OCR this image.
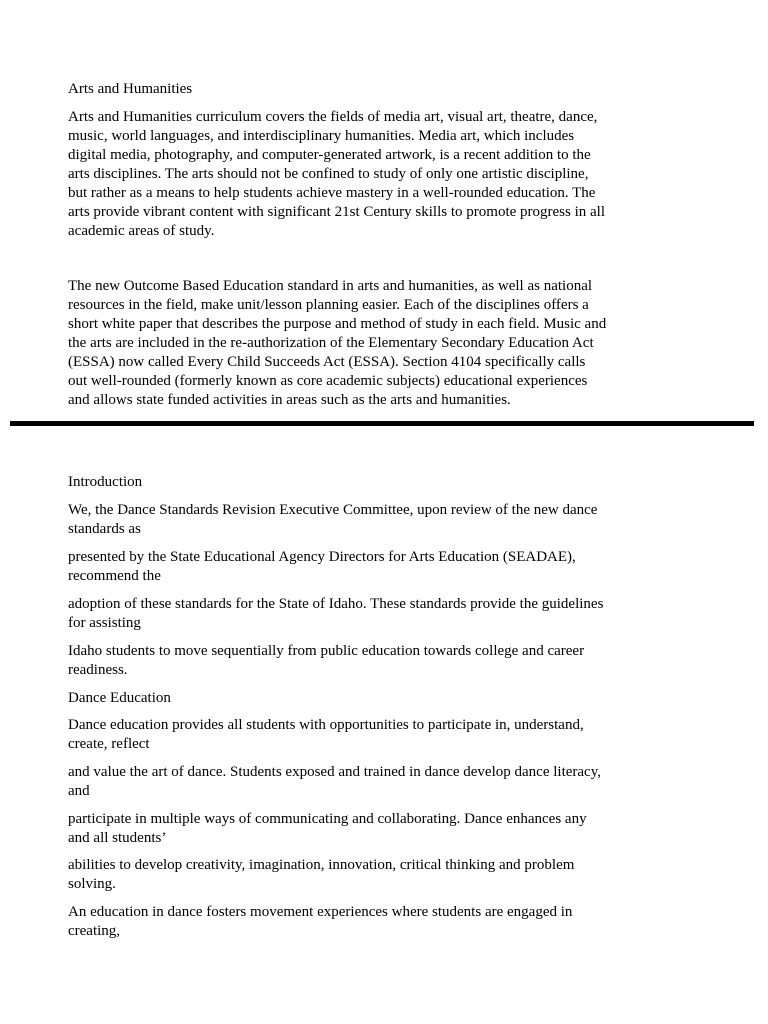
Arts and Humanities
Arts and Humanities curriculum covers the fields of media art, visual art, theatre, dance,
music, world languages, and interdisciplinary humanities. Media art, which includes
digital media, photography, and computer-generated artwork, is a recent addition to the
arts disciplines. The arts should not be confined to study of only one artistic discipline,
but rather as a means to help students achieve mastery in a well-rounded education. The
arts provide vibrant content with significant 21st Century skills to promote progress in all
academic areas of study.
The new Outcome Based Education standard in arts and humanities, as well as national
resources in the field, make unit/lesson planning easier. Each of the disciplines offers a
short white paper that describes the purpose and method of study in each field. Music and
the arts are included in the re-authorization of the Elementary Secondary Education Act
(ESSA) now called Every Child Succeeds Act (ESSA). Section 4104 specifically calls
out well-rounded (formerly known as core academic subjects) educational experiences
and allows state funded activities in areas such as the arts and humanities.
Introduction
We, the Dance Standards Revision Executive Committee, upon review of the new dance
standards as
presented by the State Educational Agency Directors for Arts Education (SEADAE),
recommend the
adoption of these standards for the State of Idaho. These standards provide the guidelines
for assisting
Idaho students to move sequentially from public education towards college and career
readiness.
Dance Education
Dance education provides all students with opportunities to participate in, understand,
create, reflect
and value the art of dance. Students exposed and trained in dance develop dance literacy,
and
participate in multiple ways of communicating and collaborating. Dance enhances any
and all students’
abilities to develop creativity, imagination, innovation, critical thinking and problem
solving.
An education in dance fosters movement experiences where students are engaged in
creating,
